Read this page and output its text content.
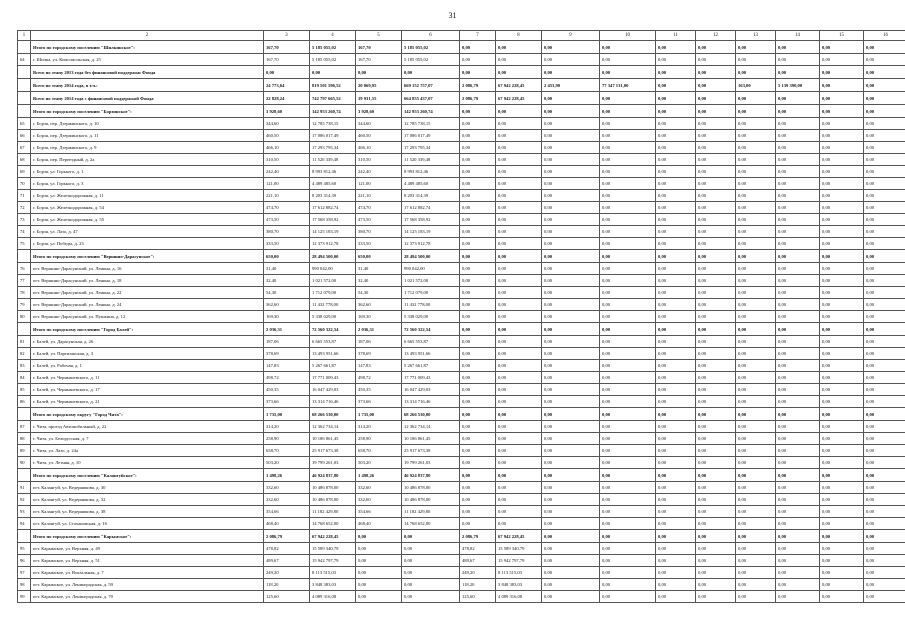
31
1	2	3	4	5	6	7	8	9	10	11	12	13	14	15	16
	Итого по городскому поселению "Шилкинское":	167,70	5 185 055,02	167,70	5 185 055,02	0,00	0,00	0,00	0,00	0,00	0,00	0,00	0,00	0,00	0,00
64	г. Шилка, ул. Комсомольская, д. 25	167,70	5 185 055,02	167,70	5 185 055,02	0,00	0,00	0,00	0,00	0,00	0,00	0,00	0,00	0,00	0,00
	Всего по этапу 2013 года без финансовой поддержки Фонда	0,00	0,00	0,00	0,00	0,00	0,00	0,00	0,00	0,00	0,00	0,00	0,00	0,00	0,00
	Всего по этапу 2014 года, в т.ч.:	24 773,64	819 501 596,52	20 069,95	669 152 757,07	2 086,79	67 942 228,45	2 453,90	77 347 131,00	0,00	0,00	163,00	5 139 390,00	0,00	0,00
	Всего по этапу 2014 года с финансовой поддержкой Фонда	22 828,24	742 797 665,52	19 931,55	664 855 437,07	2 086,79	67 942 228,45	0,00	0,00	0,00	0,00	0,00	0,00	0,00	0,00
	Итого по городскому поселению "Борзинское":	3 928,60	142 953 260,74	3 928,60	142 953 260,74	0,00	0,00	0,00	0,00	0,00	0,00	0,00	0,00	0,00	0,00
65	г. Борзя, пер. Дзержинского, д. 10	344,60	12 785 738,15	344,60	12 785 738,15	0,00	0,00	0,00	0,00	0,00	0,00	0,00	0,00	0,00	0,00
66	г. Борзя, пер. Дзержинского, д. 11	460,50	17 086 017,49	460,50	17 086 017,49	0,00	0,00	0,00	0,00	0,00	0,00	0,00	0,00	0,00	0,00
67	г. Борзя, пер. Дзержинского, д. 9	466,10	17 293 795,34	466,10	17 293 795,34	0,00	0,00	0,00	0,00	0,00	0,00	0,00	0,00	0,00	0,00
68	г. Борзя, пер. Переездный, д. 2а	310,50	11 520 339,48	310,50	11 520 339,48	0,00	0,00	0,00	0,00	0,00	0,00	0,00	0,00	0,00	0,00
69	г. Борзя, ул. Горького, д. 1	242,40	8 993 812,46	242,40	8 993 812,46	0,00	0,00	0,00	0,00	0,00	0,00	0,00	0,00	0,00	0,00
70	г. Борзя, ул. Горького, д. 3	121,00	4 489 485,60	121,00	4 489 485,60	0,00	0,00	0,00	0,00	0,00	0,00	0,00	0,00	0,00	0,00
71	г. Борзя, ул. Железнодорожная, д. 11	221,10	8 203 314,39	221,10	8 203 314,39	0,00	0,00	0,00	0,00	0,00	0,00	0,00	0,00	0,00	0,00
72	г. Борзя, ул. Железнодорожная, д. 54	474,70	17 612 882,74	474,70	17 612 882,74	0,00	0,00	0,00	0,00	0,00	0,00	0,00	0,00	0,00	0,00
73	г. Борзя, ул. Железнодорожная, д. 55	473,50	17 568 358,92	473,50	17 568 358,92	0,00	0,00	0,00	0,00	0,00	0,00	0,00	0,00	0,00	0,00
74	г. Борзя, ул. Лазо, д. 47	380,70	14 125 183,19	380,70	14 125 183,19	0,00	0,00	0,00	0,00	0,00	0,00	0,00	0,00	0,00	0,00
75	г. Борзя, ул. Победы, д. 23	333,50	12 373 912,78	333,50	12 373 912,78	0,00	0,00	0,00	0,00	0,00	0,00	0,00	0,00	0,00	0,00
	Итого по городскому поселению "Вершино-Дарасунское":	650,00	28 494 500,00	650,00	28 494 500,00	0,00	0,00	0,00	0,00	0,00	0,00	0,00	0,00	0,00	0,00
76	пгт. Вершино-Дарасунский, ул. Ленина, д. 16	31,40	990 042,00	31,40	990 042,00	0,00	0,00	0,00	0,00	0,00	0,00	0,00	0,00	0,00	0,00
77	пгт. Вершино-Дарасунский, ул. Ленина, д. 18	32,40	1 021 572,00	32,40	1 021 572,00	0,00	0,00	0,00	0,00	0,00	0,00	0,00	0,00	0,00	0,00
78	пгт. Вершино-Дарасунский, ул. Ленина, д. 22	54,30	1 712 079,00	54,30	1 712 079,00	0,00	0,00	0,00	0,00	0,00	0,00	0,00	0,00	0,00	0,00
79	пгт. Вершино-Дарасунский, ул. Ленина, д. 24	362,60	11 432 778,00	362,60	11 432 778,00	0,00	0,00	0,00	0,00	0,00	0,00	0,00	0,00	0,00	0,00
80	пгт. Вершино-Дарасунский, ул. Пушкина, д. 12	169,30	5 338 029,00	169,30	5 338 029,00	0,00	0,00	0,00	0,00	0,00	0,00	0,00	0,00	0,00	0,00
	Итого по городскому поселению "Город Балей":	2 036,31	72 560 322,54	2 036,31	72 560 322,54	0,00	0,00	0,00	0,00	0,00	0,00	0,00	0,00	0,00	0,00
81	г. Балей, ул. Дарасунская, д. 26	187,06	6 665 553,87	187,06	6 665 553,87	0,00	0,00	0,00	0,00	0,00	0,00	0,00	0,00	0,00	0,00
82	г. Балей, ул. Партизанская, д. 3	378,69	13 493 951,66	378,69	13 493 951,66	0,00	0,00	0,00	0,00	0,00	0,00	0,00	0,00	0,00	0,00
83	г. Балей, ул. Рабочая, д. 1	147,83	5 267 661,87	147,83	5 267 661,87	0,00	0,00	0,00	0,00	0,00	0,00	0,00	0,00	0,00	0,00
84	г. Балей, ул. Чернышевского, д. 11	498,72	17 771 009,43	498,72	17 771 009,43	0,00	0,00	0,00	0,00	0,00	0,00	0,00	0,00	0,00	0,00
85	г. Балей, ул. Чернышевского, д. 17	450,35	16 047 429,03	450,35	16 047 429,03	0,00	0,00	0,00	0,00	0,00	0,00	0,00	0,00	0,00	0,00
86	г. Балей, ул. Чернышевского, д. 21	373,66	13 314 716,46	373,66	13 314 716,46	0,00	0,00	0,00	0,00	0,00	0,00	0,00	0,00	0,00	0,00
	Итого по городскому округу "Город Чита":	1 735,00	68 266 530,00	1 735,00	68 266 530,00	0,00	0,00	0,00	0,00	0,00	0,00	0,00	0,00	0,00	0,00
87	г. Чита, проезд Автомобильный, д. 22	314,20	12 362 734,14	314,20	12 362 734,14	0,00	0,00	0,00	0,00	0,00	0,00	0,00	0,00	0,00	0,00
88	г. Чита, ул. Белорусская, д. 7	258,90	10 186 861,45	258,90	10 186 861,45	0,00	0,00	0,00	0,00	0,00	0,00	0,00	0,00	0,00	0,00
89	г. Чита, ул. Лазо, д. 24а	658,70	25 917 673,38	658,70	25 917 673,38	0,00	0,00	0,00	0,00	0,00	0,00	0,00	0,00	0,00	0,00
90	г. Чита, ул. Летняя, д. 10	503,20	19 799 261,03	503,20	19 799 261,03	0,00	0,00	0,00	0,00	0,00	0,00	0,00	0,00	0,00	0,00
	Итого по городскому поселению "Калангуйское":	1 498,26	46 924 837,80	1 498,26	46 924 837,80	0,00	0,00	0,00	0,00	0,00	0,00	0,00	0,00	0,00	0,00
91	пгт. Калангуй, ул. Ведерникова, д. 30	332,60	10 486 878,00	332,60	10 486 878,00	0,00	0,00	0,00	0,00	0,00	0,00	0,00	0,00	0,00	0,00
92	пгт. Калангуй, ул. Ведерникова, д. 32	332,60	10 486 878,00	332,60	10 486 878,00	0,00	0,00	0,00	0,00	0,00	0,00	0,00	0,00	0,00	0,00
93	пгт. Калангуй, ул. Ведерникова, д. 38	354,66	11 182 429,80	354,66	11 182 429,80	0,00	0,00	0,00	0,00	0,00	0,00	0,00	0,00	0,00	0,00
94	пгт. Калангуй, ул. Стахановская, д. 16	468,40	14 768 652,00	468,40	14 768 652,00	0,00	0,00	0,00	0,00	0,00	0,00	0,00	0,00	0,00	0,00
	Итого по городскому поселению "Карымское":	2 086,79	67 942 228,45	0,00	0,00	2 086,79	67 942 228,45	0,00	0,00	0,00	0,00	0,00	0,00	0,00	0,00
95	пгт. Карымское, ул. Верхняя, д. 49	478,82	15 589 340,79	0,00	0,00	478,82	15 589 340,79	0,00	0,00	0,00	0,00	0,00	0,00	0,00	0,00
96	пгт. Карымское, ул. Верхняя, д. 51	489,67	15 942 797,79	0,00	0,00	489,67	15 942 797,79	0,00	0,00	0,00	0,00	0,00	0,00	0,00	0,00
97	пгт. Карымское, ул. Вокзальная, д. 7	249,20	8 113 515,03	0,00	0,00	249,20	8 113 515,03	0,00	0,00	0,00	0,00	0,00	0,00	0,00	0,00
98	пгт. Карымское, ул. Ленинградская, д. 59	118,20	3 848 383,03	0,00	0,00	118,20	3 848 383,03	0,00	0,00	0,00	0,00	0,00	0,00	0,00	0,00
99	пгт. Карымское, ул. Ленинградская, д. 70	125,60	4 089 316,08	0,00	0,00	125,60	4 089 316,08	0,00	0,00	0,00	0,00	0,00	0,00	0,00	0,00
